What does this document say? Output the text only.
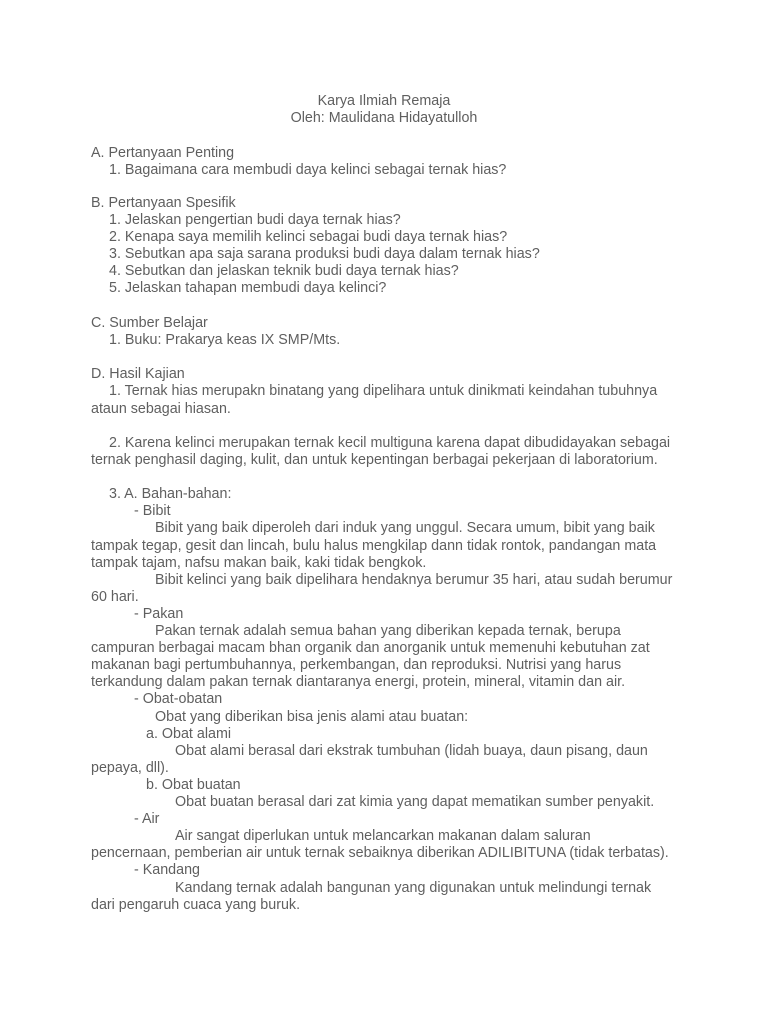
Karya Ilmiah Remaja
Oleh: Maulidana Hidayatulloh
A. Pertanyaan Penting
1. Bagaimana cara membudi daya kelinci sebagai ternak hias?
B. Pertanyaan Spesifik
1. Jelaskan pengertian budi daya ternak hias?
2. Kenapa saya memilih kelinci sebagai budi daya ternak hias?
3. Sebutkan apa saja sarana produksi budi daya dalam ternak hias?
4. Sebutkan dan jelaskan teknik budi daya ternak hias?
5. Jelaskan tahapan membudi daya kelinci?
C. Sumber Belajar
1. Buku: Prakarya keas IX SMP/Mts.
D. Hasil Kajian
1. Ternak hias merupakn binatang yang dipelihara untuk dinikmati keindahan tubuhnya
ataun sebagai hiasan.
2. Karena kelinci merupakan ternak kecil multiguna karena dapat dibudidayakan sebagai
ternak penghasil daging, kulit, dan untuk kepentingan berbagai pekerjaan di laboratorium.
3. A. Bahan-bahan:
- Bibit
Bibit yang baik diperoleh dari induk yang unggul. Secara umum, bibit yang baik
tampak tegap, gesit dan lincah, bulu halus mengkilap dann tidak rontok, pandangan mata
tampak tajam, nafsu makan baik, kaki tidak bengkok.
Bibit kelinci yang baik dipelihara hendaknya berumur 35 hari, atau sudah berumur
60 hari.
- Pakan
Pakan ternak adalah semua bahan yang diberikan kepada ternak, berupa
campuran berbagai macam bhan organik dan anorganik untuk memenuhi kebutuhan zat
makanan bagi pertumbuhannya, perkembangan, dan reproduksi. Nutrisi yang harus
terkandung dalam pakan ternak diantaranya energi, protein, mineral, vitamin dan air.
- Obat-obatan
Obat yang diberikan bisa jenis alami atau buatan:
a. Obat alami
Obat alami berasal dari ekstrak tumbuhan (lidah buaya, daun pisang, daun
pepaya, dll).
b. Obat buatan
Obat buatan berasal dari zat kimia yang dapat mematikan sumber penyakit.
- Air
Air sangat diperlukan untuk melancarkan makanan dalam saluran
pencernaan, pemberian air untuk ternak sebaiknya diberikan ADILIBITUNA (tidak terbatas).
- Kandang
Kandang ternak adalah bangunan yang digunakan untuk melindungi ternak
dari pengaruh cuaca yang buruk.
